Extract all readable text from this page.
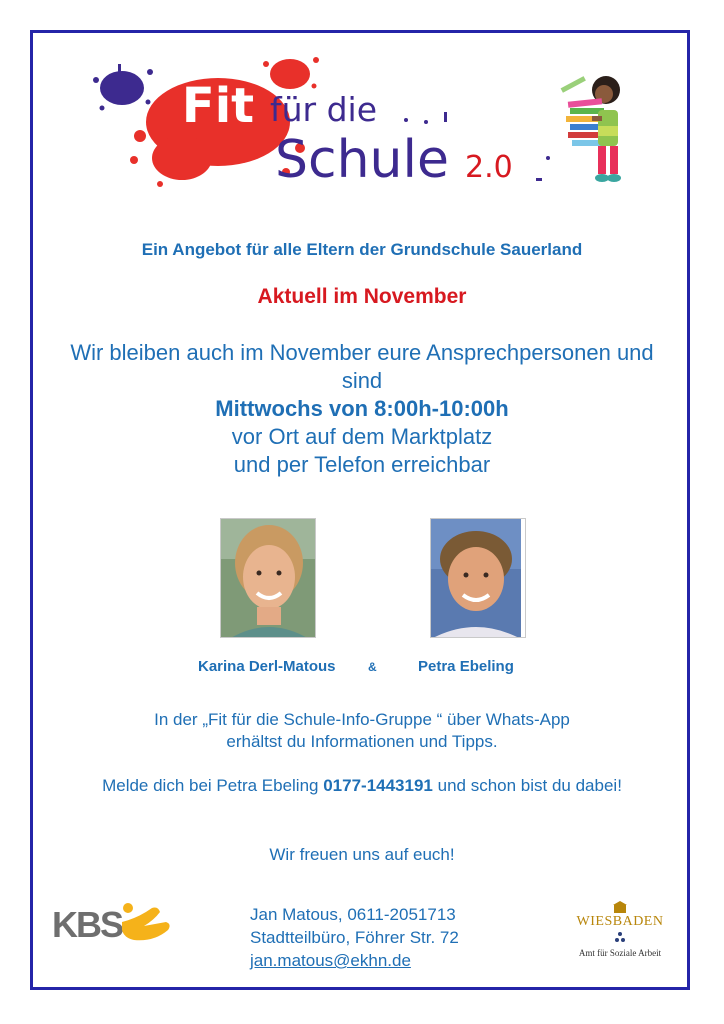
Fit für die
Schule 2.0
Ein Angebot für alle Eltern der Grundschule Sauerland
Aktuell im November
Wir bleiben auch im November eure Ansprechpersonen und
sind
Mittwochs von 8:00h-10:00h
vor Ort auf dem Marktplatz
und per Telefon erreichbar
Karina Derl-Matous	&	Petra Ebeling
In der „Fit für die Schule-Info-Gruppe “ über Whats-App
erhältst du Informationen und Tipps.
Melde dich bei Petra Ebeling 0177-1443191 und schon bist du dabei!
Wir freuen uns auf euch!
Jan Matous, 0611-2051713
Stadtteilbüro, Föhrer Str. 72
jan.matous@ekhn.de
KBS	WIESBADEN
Amt für Soziale Arbeit
